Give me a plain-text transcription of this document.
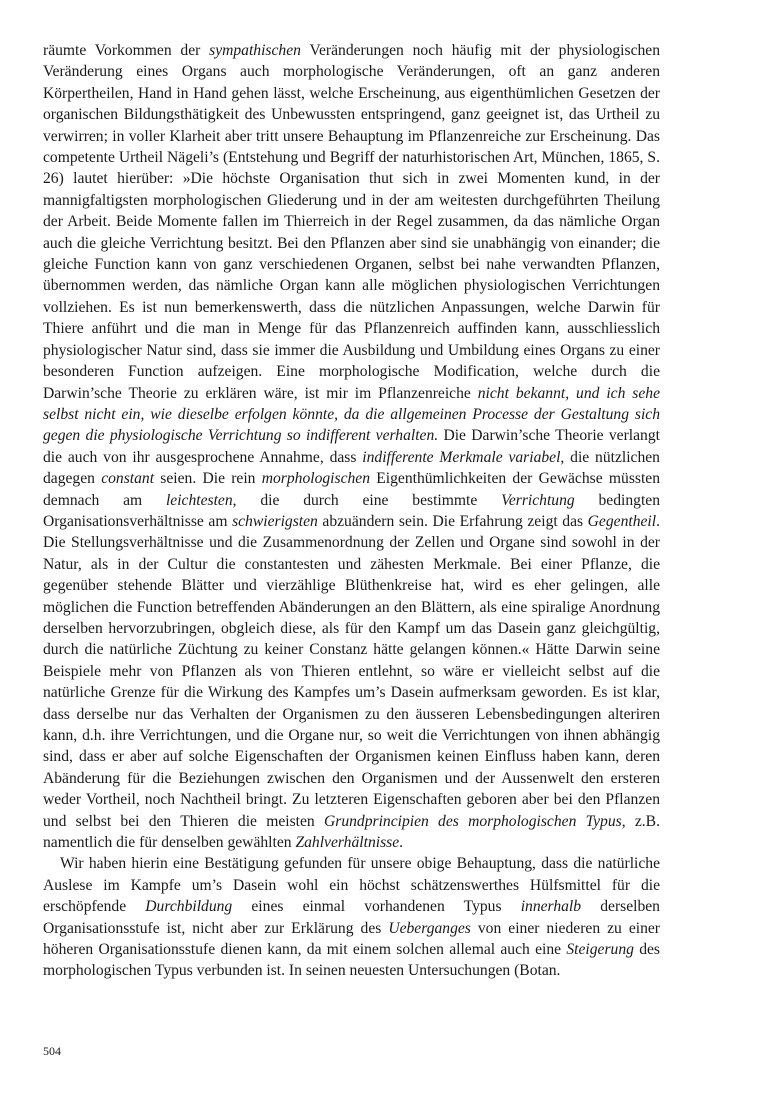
räumte Vorkommen der sympathischen Veränderungen noch häufig mit der physiologischen Veränderung eines Organs auch morphologische Veränderungen, oft an ganz anderen Körpertheilen, Hand in Hand gehen lässt, welche Erscheinung, aus eigenthümlichen Gesetzen der organischen Bildungsthätigkeit des Unbewussten entspringend, ganz geeignet ist, das Urtheil zu verwirren; in voller Klarheit aber tritt unsere Behauptung im Pflanzenreiche zur Erscheinung. Das competente Urtheil Nägeli’s (Entstehung und Begriff der naturhistorischen Art, München, 1865, S. 26) lautet hierüber: »Die höchste Organisation thut sich in zwei Momenten kund, in der mannigfaltigsten morphologischen Gliederung und in der am weitesten durchgeführten Theilung der Arbeit. Beide Momente fallen im Thierreich in der Regel zusammen, da das nämliche Organ auch die gleiche Verrichtung besitzt. Bei den Pflanzen aber sind sie unabhängig von einander; die gleiche Function kann von ganz verschiedenen Organen, selbst bei nahe verwandten Pflanzen, übernommen werden, das nämliche Organ kann alle möglichen physiologischen Verrichtungen vollziehen. Es ist nun bemerkenswerth, dass die nützlichen Anpassungen, welche Darwin für Thiere anführt und die man in Menge für das Pflanzenreich auffinden kann, ausschliesslich physiologischer Natur sind, dass sie immer die Ausbildung und Umbildung eines Organs zu einer besonderen Function aufzeigen. Eine morphologische Modification, welche durch die Darwin’sche Theorie zu erklären wäre, ist mir im Pflanzenreiche nicht bekannt, und ich sehe selbst nicht ein, wie dieselbe erfolgen könnte, da die allgemeinen Processe der Gestaltung sich gegen die physiologische Verrichtung so indifferent verhalten. Die Darwin’sche Theorie verlangt die auch von ihr ausgesprochene Annahme, dass indifferente Merkmale variabel, die nützlichen dagegen constant seien. Die rein morphologischen Eigenthümlichkeiten der Gewächse müssten demnach am leichtesten, die durch eine bestimmte Verrichtung bedingten Organisationsverhältnisse am schwierigsten abzuändern sein. Die Erfahrung zeigt das Gegentheil. Die Stellungsverhältnisse und die Zusammenordnung der Zellen und Organe sind sowohl in der Natur, als in der Cultur die constantesten und zähesten Merkmale. Bei einer Pflanze, die gegenüber stehende Blätter und vierzählige Blüthenkreise hat, wird es eher gelingen, alle möglichen die Function betreffenden Abänderungen an den Blättern, als eine spiralige Anordnung derselben hervorzubringen, obgleich diese, als für den Kampf um das Dasein ganz gleichgültig, durch die natürliche Züchtung zu keiner Constanz hätte gelangen können.« Hätte Darwin seine Beispiele mehr von Pflanzen als von Thieren entlehnt, so wäre er vielleicht selbst auf die natürliche Grenze für die Wirkung des Kampfes um’s Dasein aufmerksam geworden. Es ist klar, dass derselbe nur das Verhalten der Organismen zu den äusseren Lebensbedingungen alteriren kann, d.h. ihre Verrichtungen, und die Organe nur, so weit die Verrichtungen von ihnen abhängig sind, dass er aber auf solche Eigenschaften der Organismen keinen Einfluss haben kann, deren Abänderung für die Beziehungen zwischen den Organismen und der Aussenwelt den ersteren weder Vortheil, noch Nachtheil bringt. Zu letzteren Eigenschaften geboren aber bei den Pflanzen und selbst bei den Thieren die meisten Grundprincipien des morphologischen Typus, z.B. namentlich die für denselben gewählten Zahlverhältnisse.

Wir haben hierin eine Bestätigung gefunden für unsere obige Behauptung, dass die natürliche Auslese im Kampfe um’s Dasein wohl ein höchst schätzenswerthes Hülfsmittel für die erschöpfende Durchbildung eines einmal vorhandenen Typus innerhalb derselben Organisationsstufe ist, nicht aber zur Erklärung des Ueberganges von einer niederen zu einer höheren Organisationsstufe dienen kann, da mit einem solchen allemal auch eine Steigerung des morphologischen Typus verbunden ist. In seinen neuesten Untersuchungen (Botan.

504
